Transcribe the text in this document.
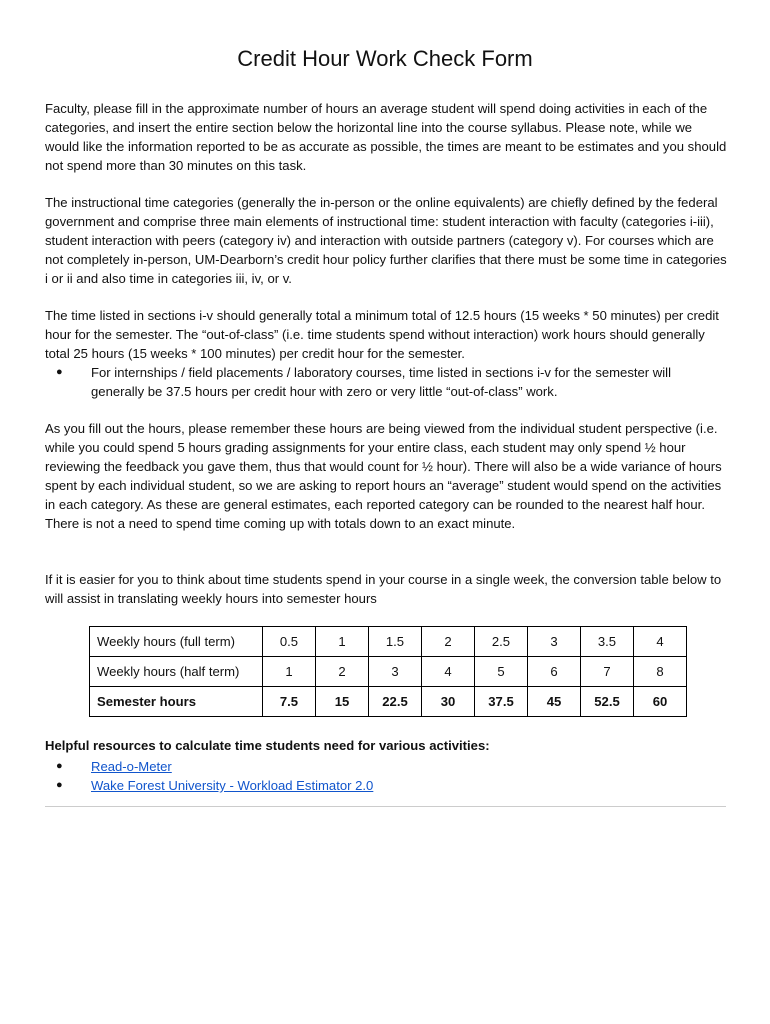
Credit Hour Work Check Form

Faculty, please fill in the approximate number of hours an average student will spend doing activities in each of the categories, and insert the entire section below the horizontal line into the course syllabus. Please note, while we would like the information reported to be as accurate as possible, the times are meant to be estimates and you should not spend more than 30 minutes on this task.

The instructional time categories (generally the in-person or the online equivalents) are chiefly defined by the federal government and comprise three main elements of instructional time: student interaction with faculty (categories i-iii), student interaction with peers (category iv) and interaction with outside partners (category v). For courses which are not completely in-person, UM-Dearborn’s credit hour policy further clarifies that there must be some time in categories i or ii and also time in categories iii, iv, or v.

The time listed in sections i-v should generally total a minimum total of 12.5 hours (15 weeks * 50 minutes) per credit hour for the semester. The “out-of-class” (i.e. time students spend without interaction) work hours should generally total 25 hours (15 weeks * 100 minutes) per credit hour for the semester.

● For internships / field placements / laboratory courses, time listed in sections i-v for the semester will generally be 37.5 hours per credit hour with zero or very little “out-of-class” work.

As you fill out the hours, please remember these hours are being viewed from the individual student perspective (i.e. while you could spend 5 hours grading assignments for your entire class, each student may only spend ½ hour reviewing the feedback you gave them, thus that would count for ½ hour). There will also be a wide variance of hours spent by each individual student, so we are asking to report hours an “average” student would spend on the activities in each category. As these are general estimates, each reported category can be rounded to the nearest half hour. There is not a need to spend time coming up with totals down to an exact minute.

If it is easier for you to think about time students spend in your course in a single week, the conversion table below to will assist in translating weekly hours into semester hours

Weekly hours (full term)	0.5	1	1.5	2	2.5	3	3.5	4
Weekly hours (half term)	1	2	3	4	5	6	7	8
Semester hours	7.5	15	22.5	30	37.5	45	52.5	60

Helpful resources to calculate time students need for various activities:

● Read-o-Meter
● Wake Forest University - Workload Estimator 2.0
